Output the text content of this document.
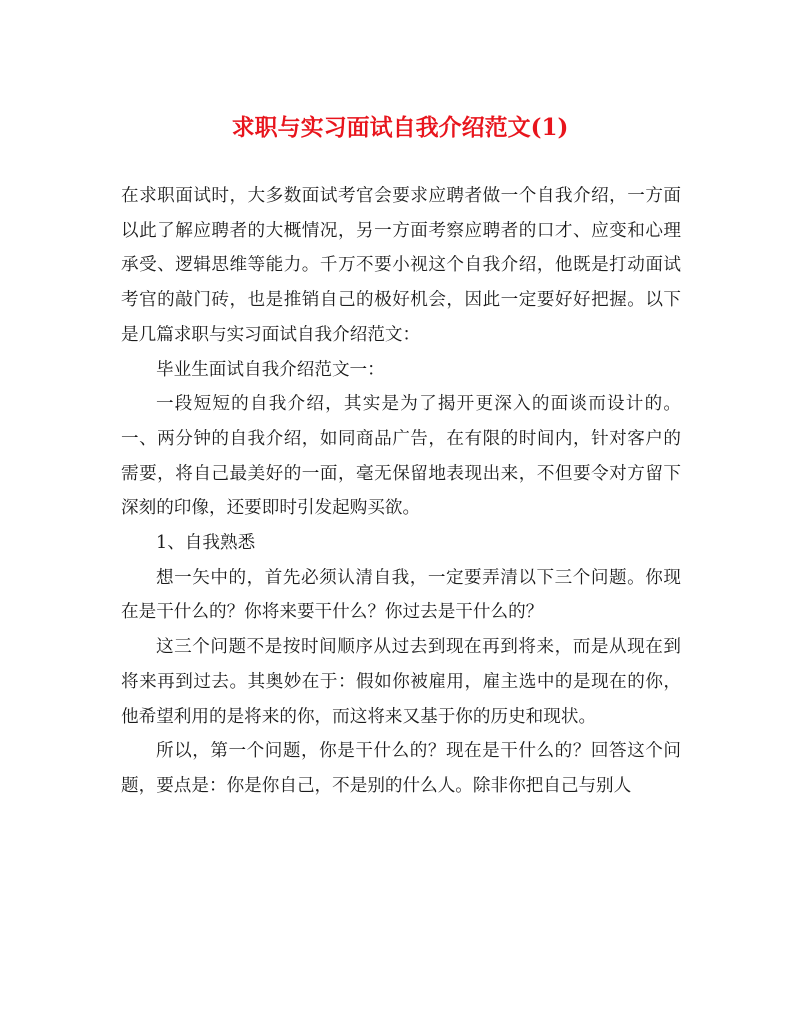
求职与实习面试自我介绍范文(1)

在求职面试时，大多数面试考官会要求应聘者做一个自我介绍，一方面以此了解应聘者的大概情况，另一方面考察应聘者的口才、应变和心理承受、逻辑思维等能力。千万不要小视这个自我介绍，他既是打动面试考官的敲门砖，也是推销自己的极好机会，因此一定要好好把握。以下是几篇求职与实习面试自我介绍范文：

毕业生面试自我介绍范文一：

一段短短的自我介绍，其实是为了揭开更深入的面谈而设计的。一、两分钟的自我介绍，如同商品广告，在有限的时间内，针对客户的需要，将自己最美好的一面，毫无保留地表现出来，不但要令对方留下深刻的印像，还要即时引发起购买欲。

1、自我熟悉

想一矢中的，首先必须认清自我，一定要弄清以下三个问题。你现在是干什么的？你将来要干什么？你过去是干什么的？

这三个问题不是按时间顺序从过去到现在再到将来，而是从现在到将来再到过去。其奥妙在于：假如你被雇用，雇主选中的是现在的你，他希望利用的是将来的你，而这将来又基于你的历史和现状。

所以，第一个问题，你是干什么的？现在是干什么的？回答这个问题，要点是：你是你自己，不是别的什么人。除非你把自己与别人
